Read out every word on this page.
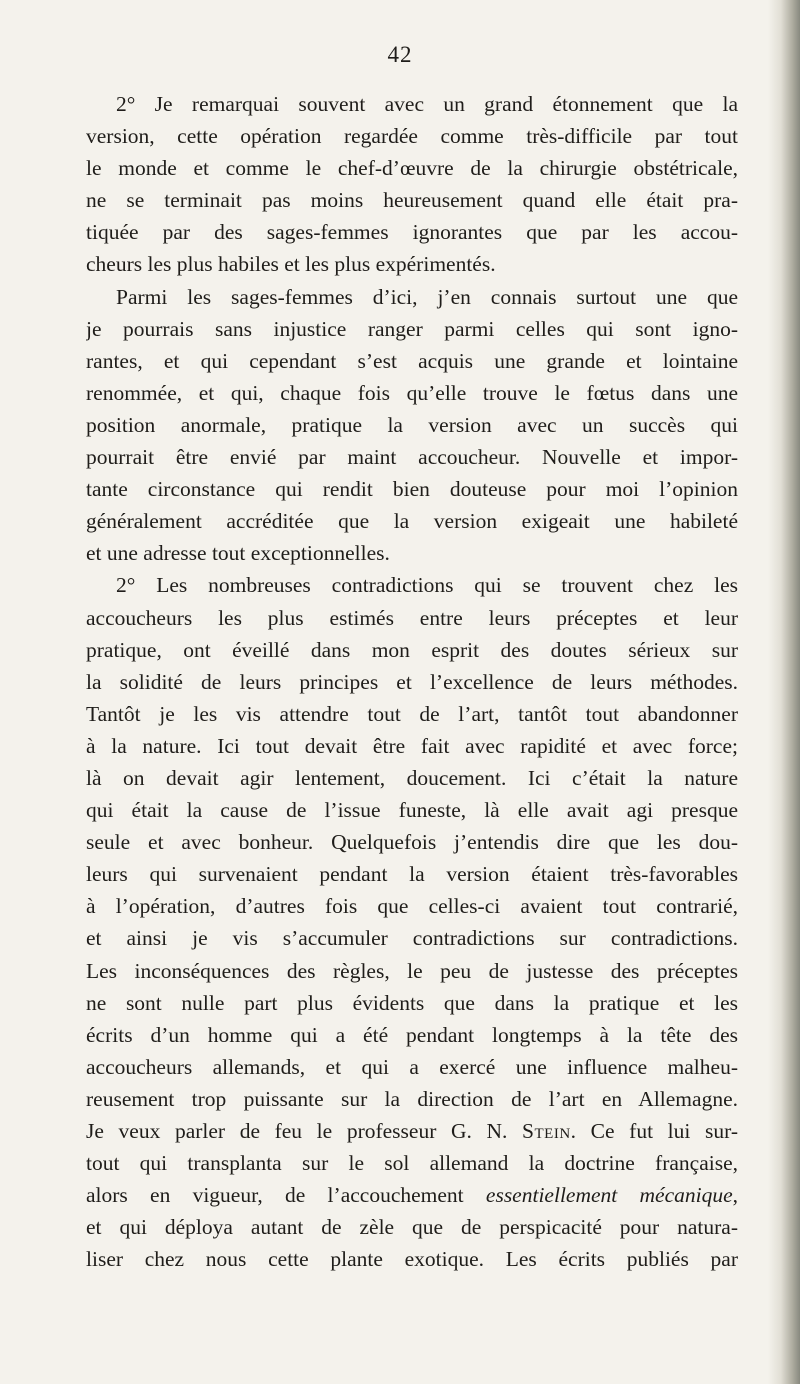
42
2° Je remarquai souvent avec un grand étonnement que la
version, cette opération regardée comme très-difficile par tout
le monde et comme le chef-d’œuvre de la chirurgie obstétricale,
ne se terminait pas moins heureusement quand elle était pra-
tiquée par des sages-femmes ignorantes que par les accou-
cheurs les plus habiles et les plus expérimentés.
Parmi les sages-femmes d’ici, j’en connais surtout une que
je pourrais sans injustice ranger parmi celles qui sont igno-
rantes, et qui cependant s’est acquis une grande et lointaine
renommée, et qui, chaque fois qu’elle trouve le fœtus dans une
position anormale, pratique la version avec un succès qui
pourrait être envié par maint accoucheur. Nouvelle et impor-
tante circonstance qui rendit bien douteuse pour moi l’opinion
généralement accréditée que la version exigeait une habileté
et une adresse tout exceptionnelles.
2° Les nombreuses contradictions qui se trouvent chez les
accoucheurs les plus estimés entre leurs préceptes et leur
pratique, ont éveillé dans mon esprit des doutes sérieux sur
la solidité de leurs principes et l’excellence de leurs méthodes.
Tantôt je les vis attendre tout de l’art, tantôt tout abandonner
à la nature. Ici tout devait être fait avec rapidité et avec force;
là on devait agir lentement, doucement. Ici c’était la nature
qui était la cause de l’issue funeste, là elle avait agi presque
seule et avec bonheur. Quelquefois j’entendis dire que les dou-
leurs qui survenaient pendant la version étaient très-favorables
à l’opération, d’autres fois que celles-ci avaient tout contrarié,
et ainsi je vis s’accumuler contradictions sur contradictions.
Les inconséquences des règles, le peu de justesse des préceptes
ne sont nulle part plus évidents que dans la pratique et les
écrits d’un homme qui a été pendant longtemps à la tête des
accoucheurs allemands, et qui a exercé une influence malheu-
reusement trop puissante sur la direction de l’art en Allemagne.
Je veux parler de feu le professeur G. N. Stein. Ce fut lui sur-
tout qui transplanta sur le sol allemand la doctrine française,
alors en vigueur, de l’accouchement essentiellement mécanique,
et qui déploya autant de zèle que de perspicacité pour natura-
liser chez nous cette plante exotique. Les écrits publiés par
